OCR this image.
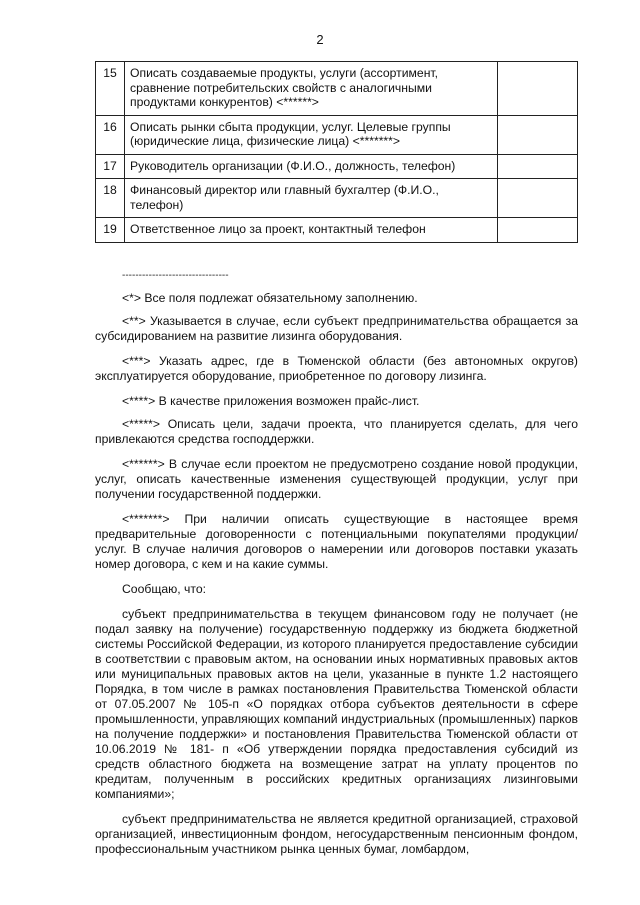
2
15	Описать создаваемые продукты, услуги (ассортимент, сравнение потребительских свойств с аналогичными продуктами конкурентов) <******>	
16	Описать рынки сбыта продукции, услуг. Целевые группы (юридические лица, физические лица) <*******>	
17	Руководитель организации (Ф.И.О., должность, телефон)	
18	Финансовый директор или главный бухгалтер (Ф.И.О., телефон)	
19	Ответственное лицо за проект, контактный телефон	
--------------------------------

<*> Все поля подлежат обязательному заполнению.

<**> Указывается в случае, если субъект предпринимательства обращается за субсидированием на развитие лизинга оборудования.

<***> Указать адрес, где в Тюменской области (без автономных округов) эксплуатируется оборудование, приобретенное по договору лизинга.

<****> В качестве приложения возможен прайс-лист.

<*****> Описать цели, задачи проекта, что планируется сделать, для чего привлекаются средства господдержки.

<******> В случае если проектом не предусмотрено создание новой продукции, услуг, описать качественные изменения существующей продукции, услуг при получении государственной поддержки.

<*******> При наличии описать существующие в настоящее время предварительные договоренности с потенциальными покупателями продукции/услуг. В случае наличия договоров о намерении или договоров поставки указать номер договора, с кем и на какие суммы.

Сообщаю, что:

субъект предпринимательства в текущем финансовом году не получает (не подал заявку на получение) государственную поддержку из бюджета бюджетной системы Российской Федерации, из которого планируется предоставление субсидии в соответствии с правовым актом, на основании иных нормативных правовых актов или муниципальных правовых актов на цели, указанные в пункте 1.2 настоящего Порядка, в том числе в рамках постановления Правительства Тюменской области от 07.05.2007 № 105-п «О порядках отбора субъектов деятельности в сфере промышленности, управляющих компаний индустриальных (промышленных) парков на получение поддержки» и постановления Правительства Тюменской области от 10.06.2019 № 181- п «Об утверждении порядка предоставления субсидий из средств областного бюджета на возмещение затрат на уплату процентов по кредитам, полученным в российских кредитных организациях лизинговыми компаниями»;

субъект предпринимательства не является кредитной организацией, страховой организацией, инвестиционным фондом, негосударственным пенсионным фондом, профессиональным участником рынка ценных бумаг, ломбардом,
